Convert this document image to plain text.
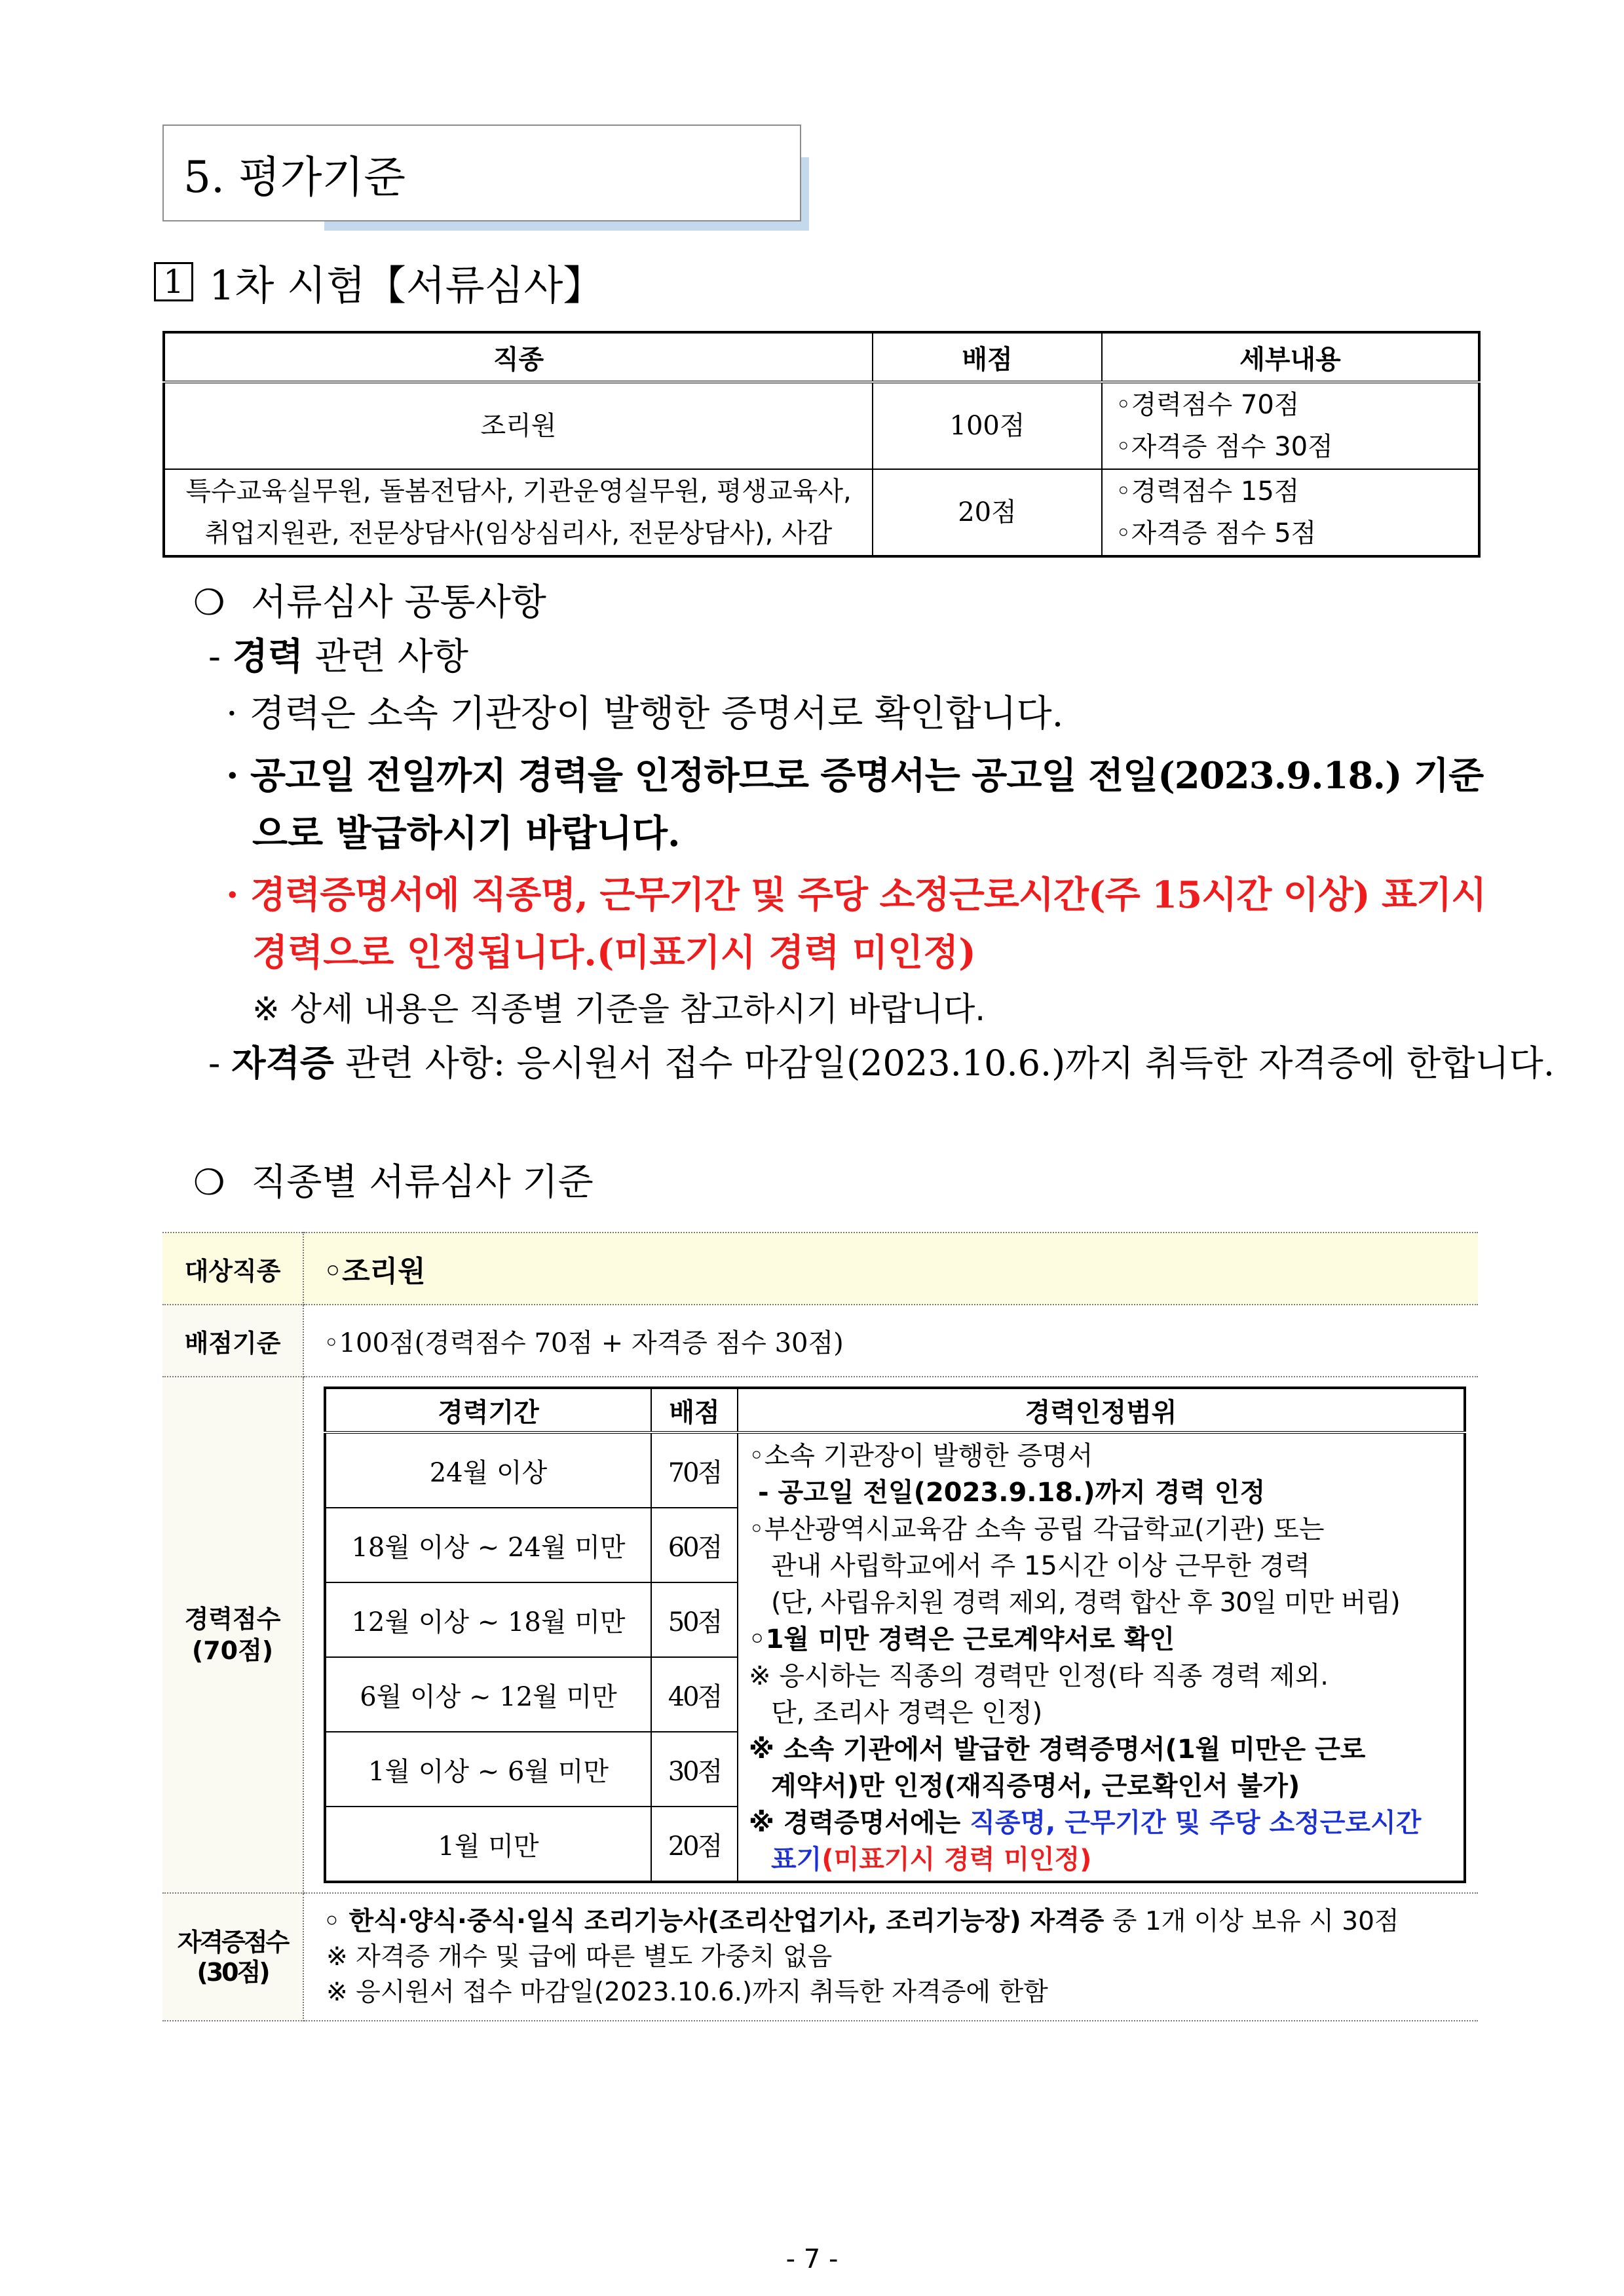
5. 평가기준
1 1차 시험【서류심사】
직종	배점	세부내용
조리원	100점	◦경력점수 70점
◦자격증 점수 30점

특수교육실무원, 돌봄전담사, 기관운영실무원, 평생교육사, 취업지원관, 전문상담사(임상심리사, 전문상담사), 사감	20점	◦경력점수 15점
◦자격증 점수 5점
❍ 서류심사 공통사항
- 경력 관련 사항
· 경력은 소속 기관장이 발행한 증명서로 확인합니다.
· 공고일 전일까지 경력을 인정하므로 증명서는 공고일 전일(2023.9.18.) 기준
으로 발급하시기 바랍니다.
· 경력증명서에 직종명, 근무기간 및 주당 소정근로시간(주 15시간 이상) 표기시
경력으로 인정됩니다.(미표기시 경력 미인정)
※ 상세 내용은 직종별 기준을 참고하시기 바랍니다.
- 자격증 관련 사항: 응시원서 접수 마감일(2023.10.6.)까지 취득한 자격증에 한합니다.
❍ 직종별 서류심사 기준
대상직종	◦조리원
배점기준	◦100점(경력점수 70점 + 자격증 점수 30점)

경력점수
(70점)

경력기간	배점	경력인정범위
24월 이상	70점	
◦소속 기관장이 발행한 증명서
- 공고일 전일(2023.9.18.)까지 경력 인정
◦부산광역시교육감 소속 공립 각급학교(기관) 또는
관내 사립학교에서 주 15시간 이상 근무한 경력
(단, 사립유치원 경력 제외, 경력 합산 후 30일 미만 버림)
◦1월 미만 경력은 근로계약서로 확인
※ 응시하는 직종의 경력만 인정(타 직종 경력 제외.
단, 조리사 경력은 인정)
※ 소속 기관에서 발급한 경력증명서(1월 미만은 근로
계약서)만 인정(재직증명서, 근로확인서 불가)
※ 경력증명서에는 직종명, 근무기간 및 주당 소정근로시간
표기(미표기시 경력 미인정)

18월 이상 ~ 24월 미만	60점
12월 이상 ~ 18월 미만	50점
6월 이상 ~ 12월 미만	40점
1월 이상 ~ 6월 미만	30점
1월 미만	20점

자격증점수
(30점)

◦ 한식·양식·중식·일식 조리기능사(조리산업기사, 조리기능장) 자격증 중 1개 이상 보유 시 30점
※ 자격증 개수 및 급에 따른 별도 가중치 없음
※ 응시원서 접수 마감일(2023.10.6.)까지 취득한 자격증에 한함
- 7 -
